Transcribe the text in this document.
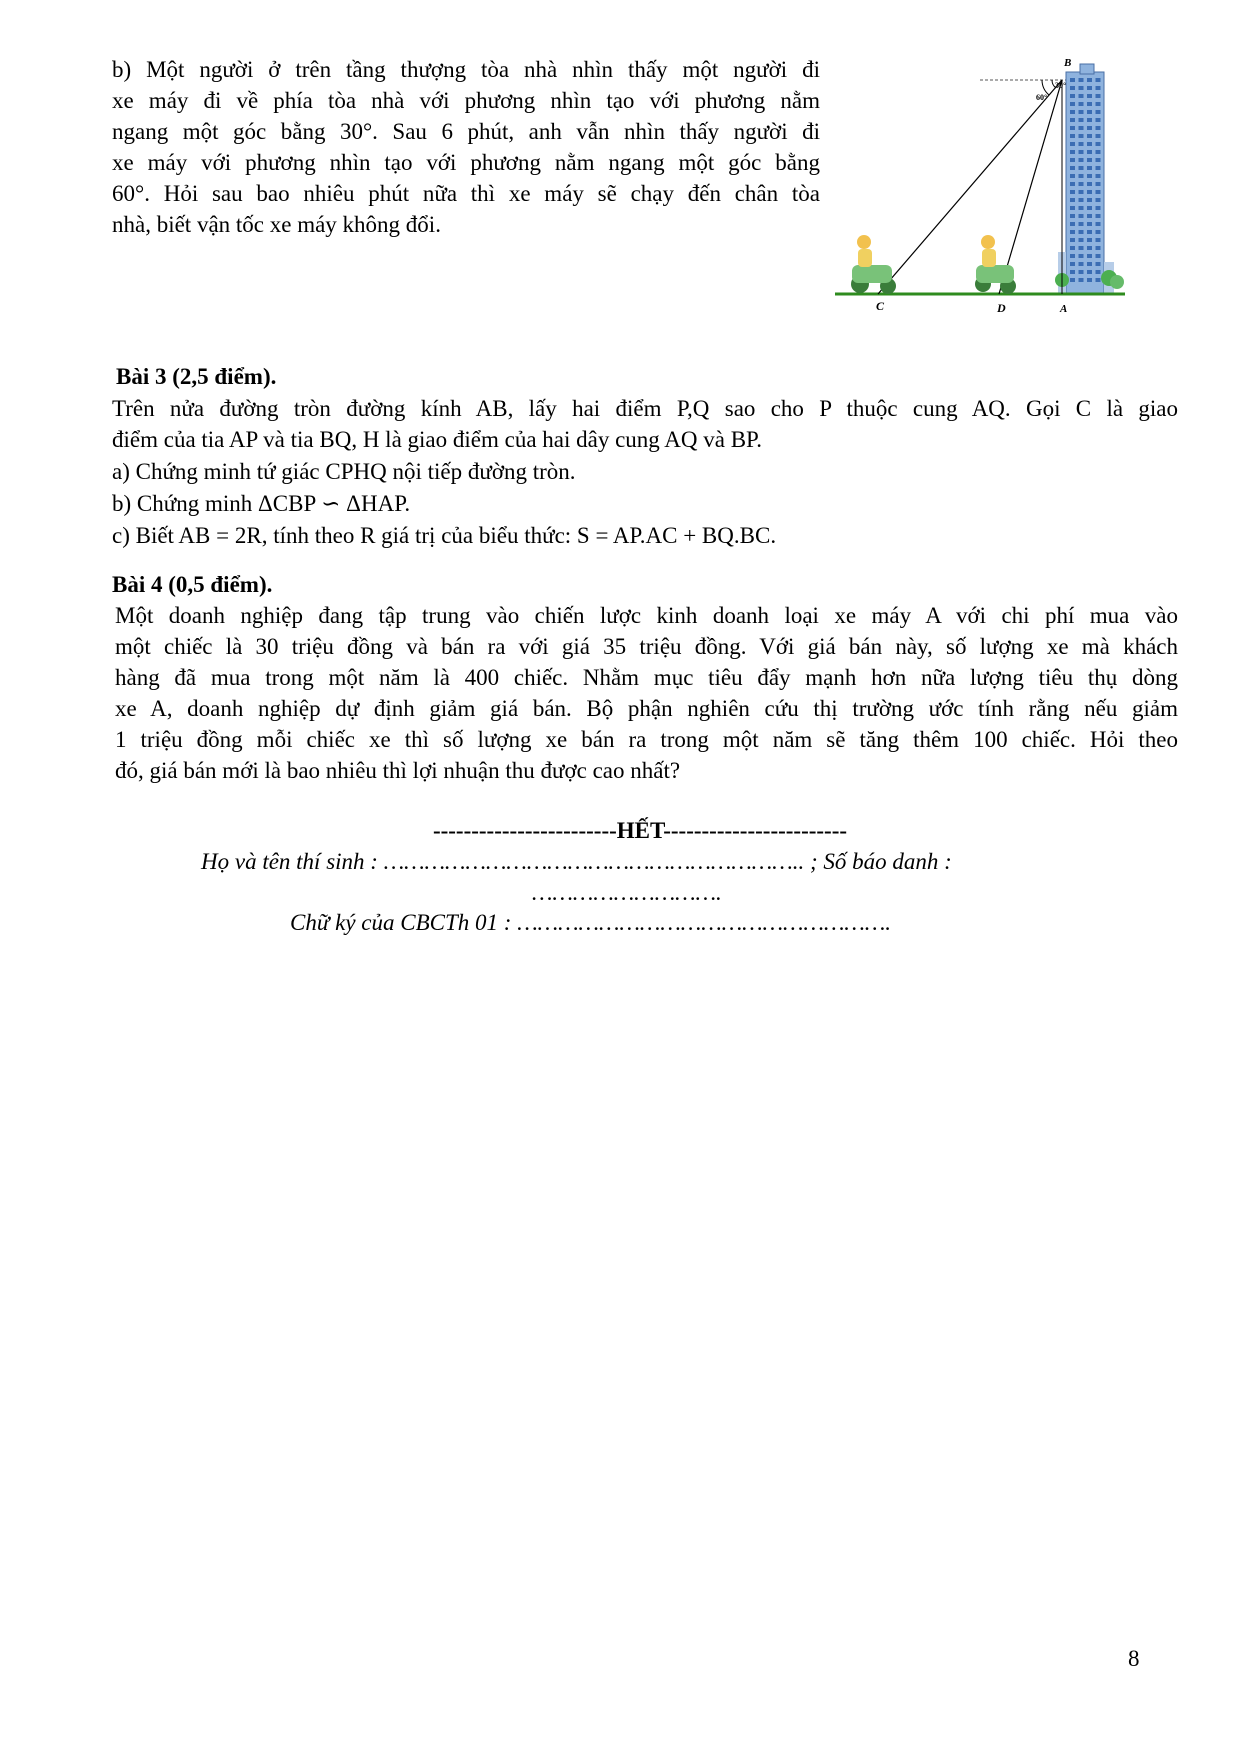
b) Một người ở trên tầng thượng tòa nhà nhìn thấy một người đi
xe máy đi về phía tòa nhà với phương nhìn tạo với phương nằm
ngang một góc bằng 30°. Sau 6 phút, anh vẫn nhìn thấy người đi
xe máy với phương nhìn tạo với phương nằm ngang một góc bằng
60°. Hỏi sau bao nhiêu phút nữa thì xe máy sẽ chạy đến chân tòa
nhà, biết vận tốc xe máy không đổi.
B
C	D	A
30°
60°
Bài 3 (2,5 điểm).
Trên nửa đường tròn đường kính AB, lấy hai điểm P,Q sao cho P thuộc cung AQ. Gọi C là giao
điểm của tia AP và tia BQ, H là giao điểm của hai dây cung AQ và BP.
a) Chứng minh tứ giác CPHQ nội tiếp đường tròn.
b) Chứng minh ΔCBP ∽ ΔHAP.
c) Biết AB = 2R, tính theo R giá trị của biểu thức: S = AP.AC + BQ.BC.
Bài 4 (0,5 điểm).
Một doanh nghiệp đang tập trung vào chiến lược kinh doanh loại xe máy A với chi phí mua vào
một chiếc là 30 triệu đồng và bán ra với giá 35 triệu đồng. Với giá bán này, số lượng xe mà khách
hàng đã mua trong một năm là 400 chiếc. Nhằm mục tiêu đẩy mạnh hơn nữa lượng tiêu thụ dòng
xe A, doanh nghiệp dự định giảm giá bán. Bộ phận nghiên cứu thị trường ước tính rằng nếu giảm
1 triệu đồng mỗi chiếc xe thì số lượng xe bán ra trong một năm sẽ tăng thêm 100 chiếc. Hỏi theo
đó, giá bán mới là bao nhiêu thì lợi nhuận thu được cao nhất?
------------------------HẾT------------------------
Họ và tên thí sinh : …………………………………………………….. ; Số báo danh :
……………………….
Chữ ký của CBCTh 01 : ……………………………………………….
8
